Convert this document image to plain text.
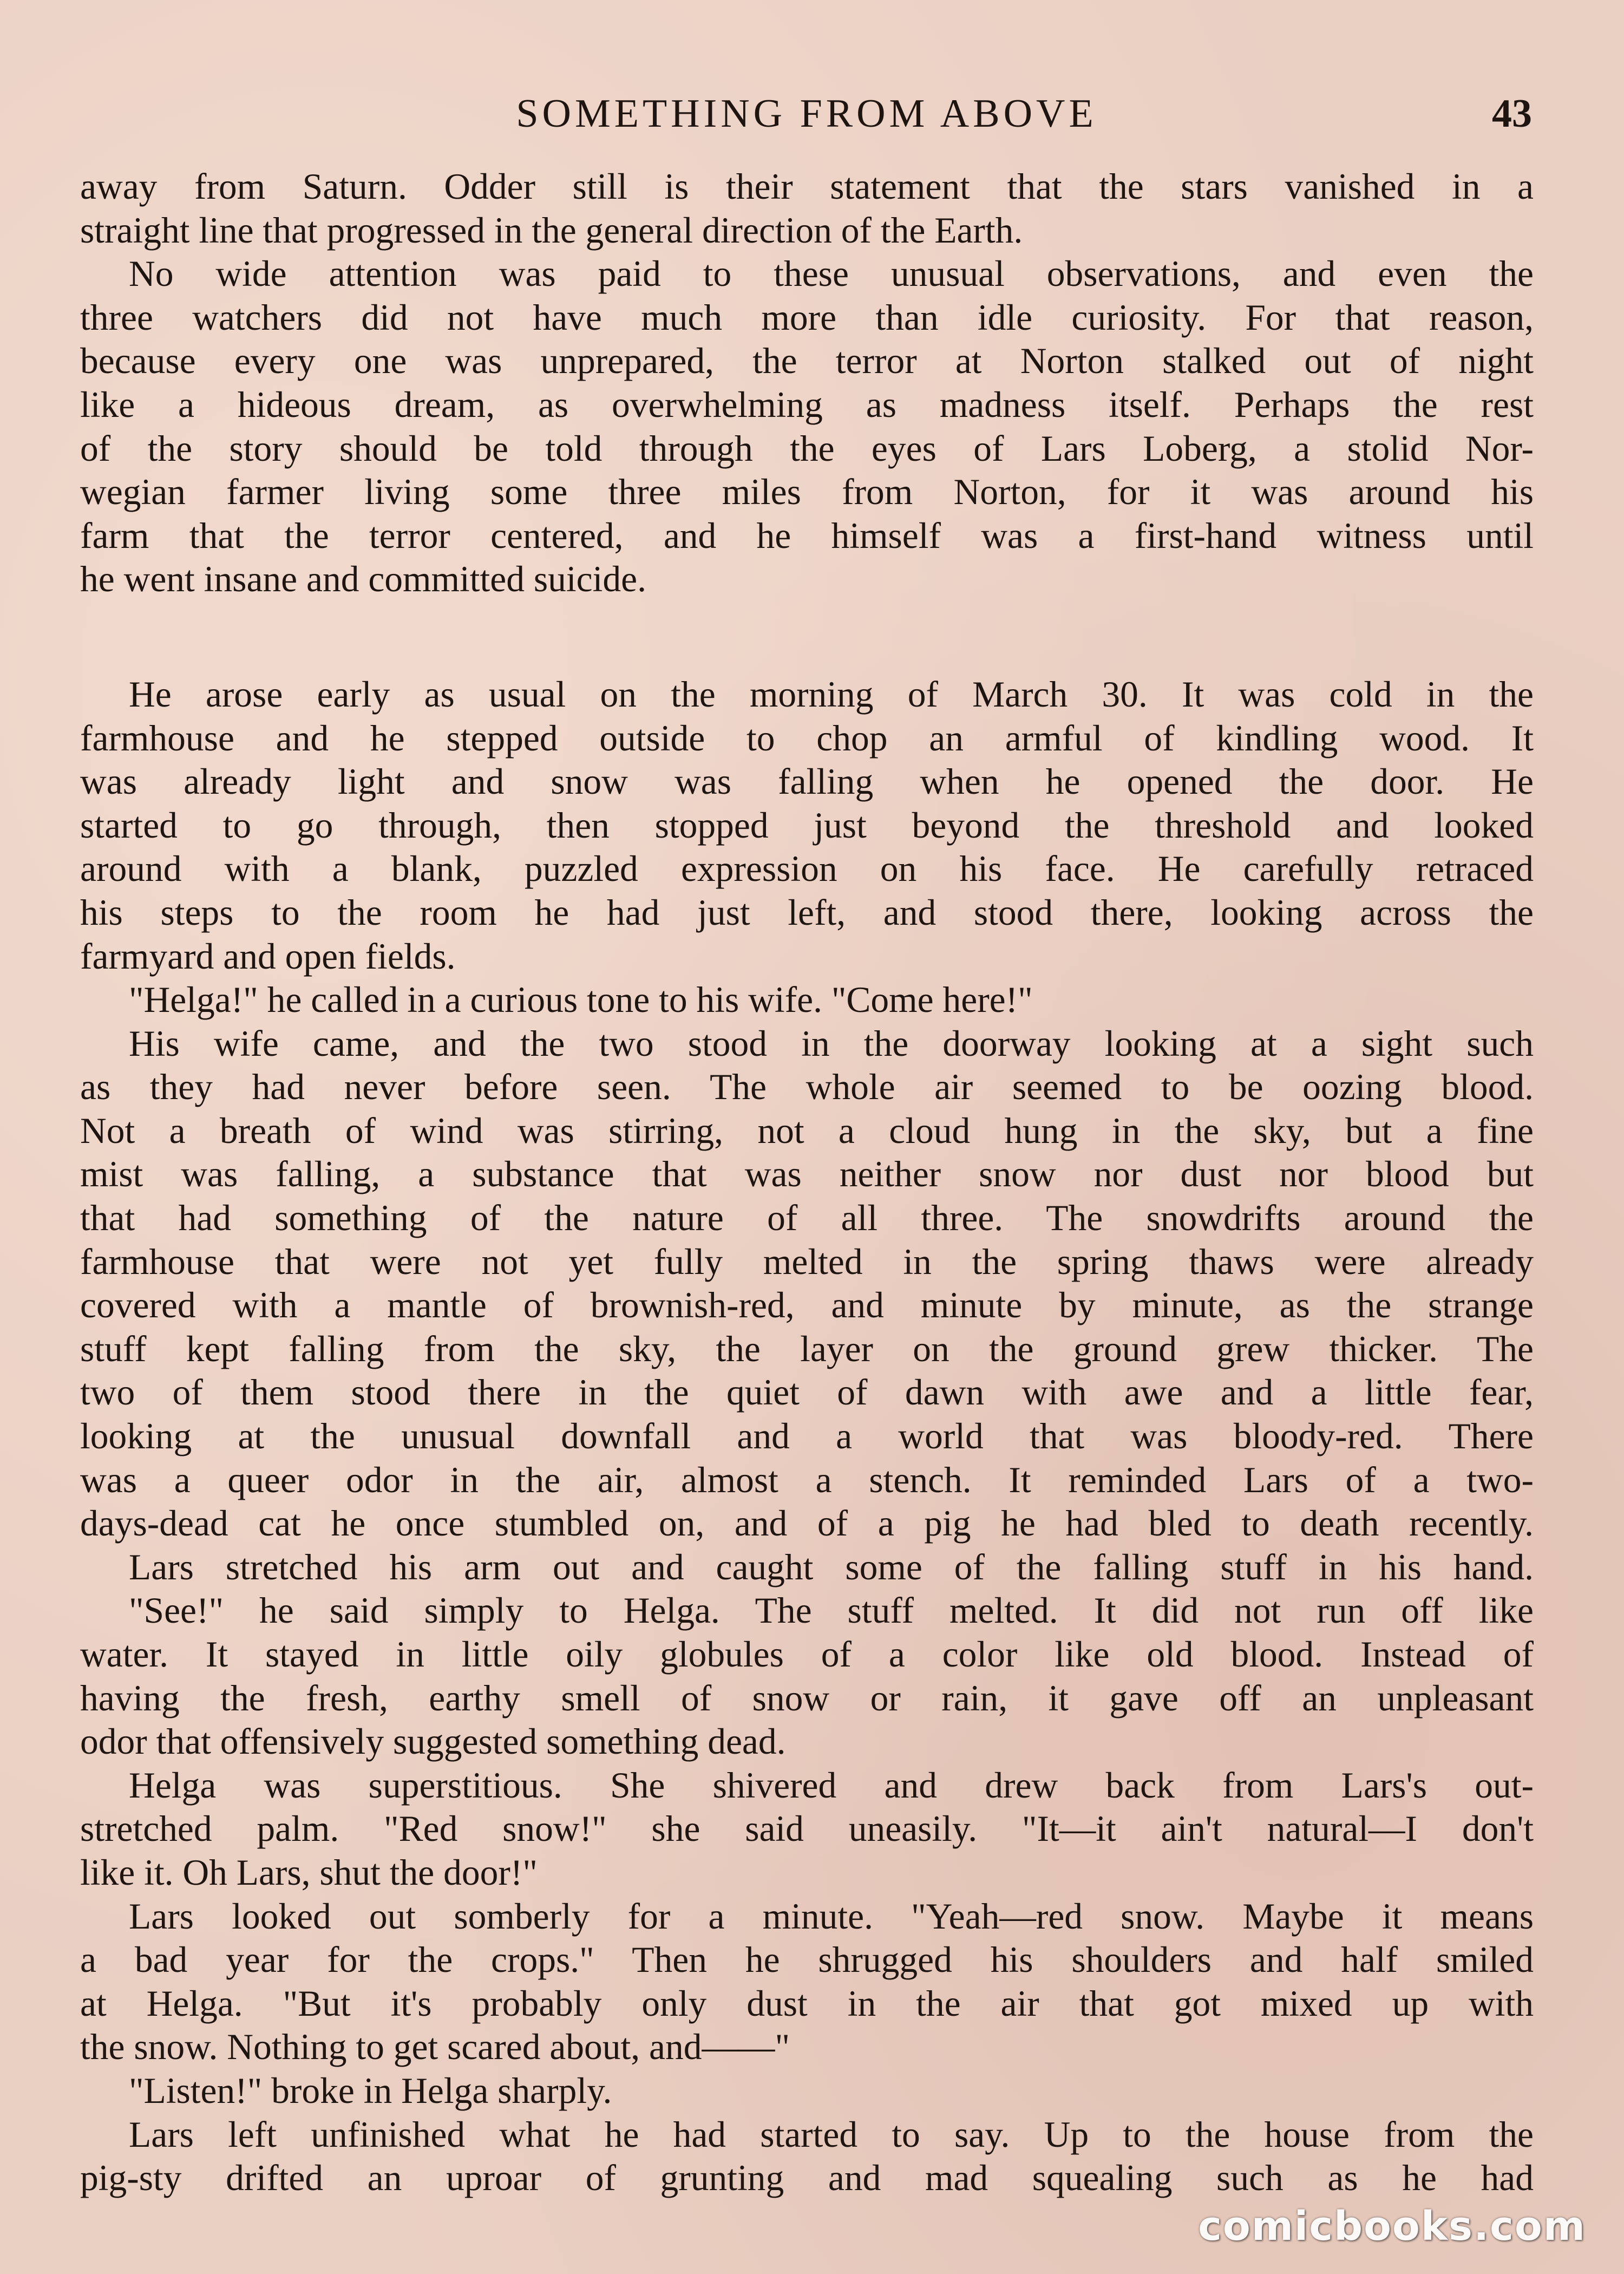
SOMETHING FROM ABOVE	43

away from Saturn. Odder still is their statement that the stars vanished in a
straight line that progressed in the general direction of the Earth.

No wide attention was paid to these unusual observations, and even the
three watchers did not have much more than idle curiosity. For that reason,
because every one was unprepared, the terror at Norton stalked out of night
like a hideous dream, as overwhelming as madness itself. Perhaps the rest
of the story should be told through the eyes of Lars Loberg, a stolid Nor-
wegian farmer living some three miles from Norton, for it was around his
farm that the terror centered, and he himself was a first-hand witness until
he went insane and committed suicide.

He arose early as usual on the morning of March 30. It was cold in the
farmhouse and he stepped outside to chop an armful of kindling wood. It
was already light and snow was falling when he opened the door. He
started to go through, then stopped just beyond the threshold and looked
around with a blank, puzzled expression on his face. He carefully retraced
his steps to the room he had just left, and stood there, looking across the
farmyard and open fields.

"Helga!" he called in a curious tone to his wife. "Come here!"

His wife came, and the two stood in the doorway looking at a sight such
as they had never before seen. The whole air seemed to be oozing blood.
Not a breath of wind was stirring, not a cloud hung in the sky, but a fine
mist was falling, a substance that was neither snow nor dust nor blood but
that had something of the nature of all three. The snowdrifts around the
farmhouse that were not yet fully melted in the spring thaws were already
covered with a mantle of brownish-red, and minute by minute, as the strange
stuff kept falling from the sky, the layer on the ground grew thicker. The
two of them stood there in the quiet of dawn with awe and a little fear,
looking at the unusual downfall and a world that was bloody-red. There
was a queer odor in the air, almost a stench. It reminded Lars of a two-
days-dead cat he once stumbled on, and of a pig he had bled to death recently.

Lars stretched his arm out and caught some of the falling stuff in his hand.

"See!" he said simply to Helga. The stuff melted. It did not run off like
water. It stayed in little oily globules of a color like old blood. Instead of
having the fresh, earthy smell of snow or rain, it gave off an unpleasant
odor that offensively suggested something dead.

Helga was superstitious. She shivered and drew back from Lars's out-
stretched palm. "Red snow!" she said uneasily. "It—it ain't natural—I don't
like it. Oh Lars, shut the door!"

Lars looked out somberly for a minute. "Yeah—red snow. Maybe it means
a bad year for the crops." Then he shrugged his shoulders and half smiled
at Helga. "But it's probably only dust in the air that got mixed up with
the snow. Nothing to get scared about, and——"

"Listen!" broke in Helga sharply.

Lars left unfinished what he had started to say. Up to the house from the
pig-sty drifted an uproar of grunting and mad squealing such as he had

comicbooks.com
